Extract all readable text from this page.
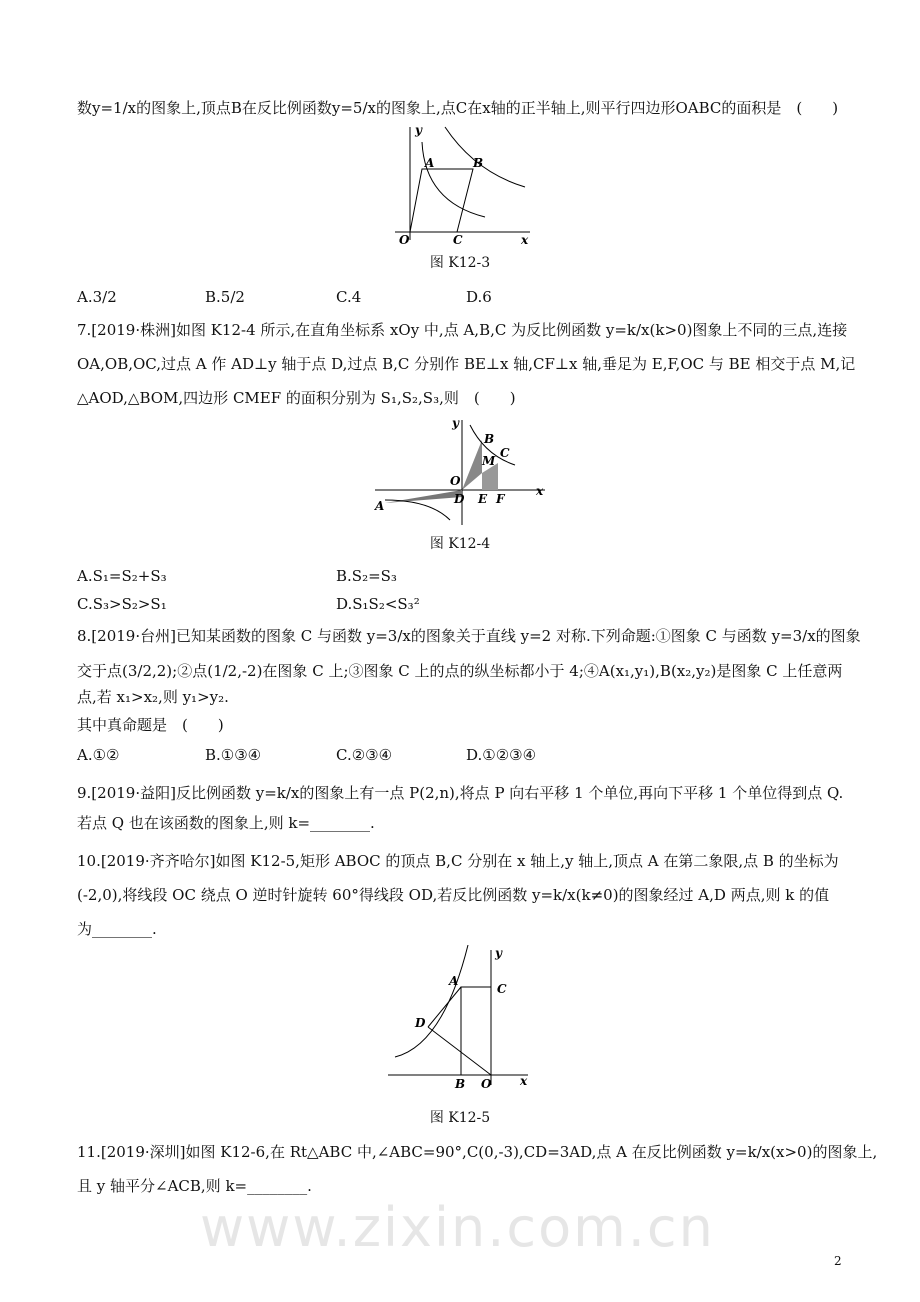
www.zixin.com.cn
数y=1/x的图象上,顶点B在反比例函数y=5/x的图象上,点C在x轴的正半轴上,则平行四边形OABC的面积是　(　　)
y
A	B
O	C	x
图 K12-3
A.3/2	B.5/2	C.4	D.6
7.[2019·株洲]如图 K12-4 所示,在直角坐标系 xOy 中,点 A,B,C 为反比例函数 y=k/x(k>0)图象上不同的三点,连接
OA,OB,OC,过点 A 作 AD⊥y 轴于点 D,过点 B,C 分别作 BE⊥x 轴,CF⊥x 轴,垂足为 E,F,OC 与 BE 相交于点 M,记
△AOD,△BOM,四边形 CMEF 的面积分别为 S₁,S₂,S₃,则　(　　)
y
B
C
M
O
D E F
x
A
图 K12-4
A.S₁=S₂+S₃	B.S₂=S₃
C.S₃>S₂>S₁	D.S₁S₂<S₃²
8.[2019·台州]已知某函数的图象 C 与函数 y=3/x的图象关于直线 y=2 对称.下列命题:①图象 C 与函数 y=3/x的图象
交于点(3/2,2);②点(1/2,-2)在图象 C 上;③图象 C 上的点的纵坐标都小于 4;④A(x₁,y₁),B(x₂,y₂)是图象 C 上任意两
点,若 x₁>x₂,则 y₁>y₂.
其中真命题是　(　　)
A.①②	B.①③④	C.②③④	D.①②③④
9.[2019·益阳]反比例函数 y=k/x的图象上有一点 P(2,n),将点 P 向右平移 1 个单位,再向下平移 1 个单位得到点 Q.
若点 Q 也在该函数的图象上,则 k=________.
10.[2019·齐齐哈尔]如图 K12-5,矩形 ABOC 的顶点 B,C 分别在 x 轴上,y 轴上,顶点 A 在第二象限,点 B 的坐标为
(-2,0),将线段 OC 绕点 O 逆时针旋转 60°得线段 OD,若反比例函数 y=k/x(k≠0)的图象经过 A,D 两点,则 k 的值
为________.
y
A
C
D
B O x
图 K12-5
11.[2019·深圳]如图 K12-6,在 Rt△ABC 中,∠ABC=90°,C(0,-3),CD=3AD,点 A 在反比例函数 y=k/x(x>0)的图象上,
且 y 轴平分∠ACB,则 k=________.
2
